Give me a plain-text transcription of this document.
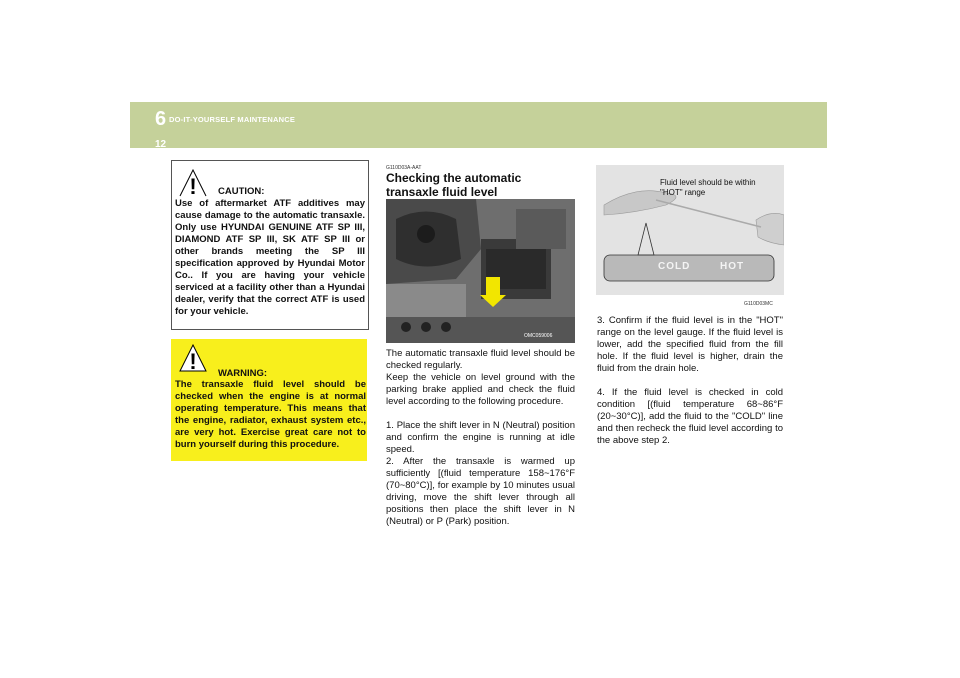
6 DO-IT-YOURSELF MAINTENANCE
12
! CAUTION:
Use of aftermarket ATF additives may cause damage to the automatic transaxle. Only use HYUNDAI GENUINE ATF SP III, DIAMOND ATF SP III, SK ATF SP III or other brands meeting the SP III specification approved by Hyundai Motor Co.. If you are having your vehicle serviced at a facility other than a Hyundai dealer, verify that the correct ATF is used for your vehicle.
! WARNING:
The transaxle fluid level should be checked when the engine is at normal operating temperature. This means that the engine, radiator, exhaust system etc., are very hot. Exercise great care not to burn yourself during this procedure.
G110D03A-AAT
Checking the automatic transaxle fluid level
OMC059006
The automatic transaxle fluid level should be checked regularly.
Keep the vehicle on level ground with the parking brake applied and check the fluid level according to the following procedure.
1. Place the shift lever in N (Neutral) position and confirm the engine is running at idle speed.
2. After the transaxle is warmed up sufficiently [(fluid temperature 158~176°F (70~80°C)], for example by 10 minutes usual driving, move the shift lever through all positions then place the shift lever in N (Neutral) or P (Park) position.
Fluid level should be within "HOT" range
COLD	HOT
G110D03MC
3. Confirm if the fluid level is in the "HOT" range on the level gauge. If the fluid level is lower, add the specified fluid from the fill hole. If the fluid level is higher, drain the fluid from the drain hole.
4. If the fluid level is checked in cold condition [(fluid temperature 68~86°F (20~30°C)], add the fluid to the "COLD" line and then recheck the fluid level according to the above step 2.
